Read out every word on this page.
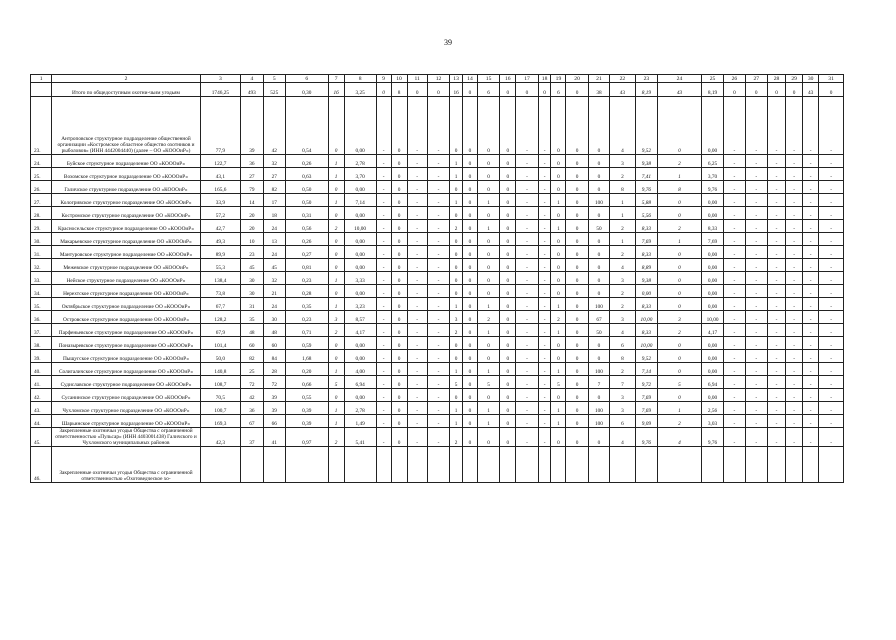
39
1	2	3	4	5	6	7	8	9	10	11	12	13	14	15	16	17	18	19	20	21	22	23	24	25	26	27	28	29	30	31
	Итого по общедоступным охотни-чьим угодьям	1746,25	493	525	0,30	16	3,25	0	8	0	0	16	0	6	0	0	0	6	0	38	43	8,19	43	8,19	0	0	0	0	43	0
23.	Антроповское структурное подразделение общественной организации «Костромское областное общество охотников и рыболовов» (ИНН 4442004440) (далее – ОО «КОООиР»)	77,9	39	42	0,54	0	0,00	-	0	-	-	0	0	0	0	-	-	0	0	0	4	9,52	0	0,00	-	-	-	-	-	-
24.	Буйское структурное подразделение ОО «КОООиР»	122,7	36	32	0,26	1	2,78	-	0	-	-	1	0	0	0	-	-	0	0	0	3	9,38	2	6,25	-	-	-	-	-	-
25.	Вохомское структурное подразделение ОО «КОООиР»	43,1	27	27	0,63	1	3,70	-	0	-	-	1	0	0	0	-	-	0	0	0	2	7,41	1	3,70	-	-	-	-	-	-
26.	Галичское структурное подразделение ОО «КОООиР»	165,6	79	82	0,50	0	0,00	-	0	-	-	0	0	0	0	-	-	0	0	0	8	9,76	8	9,76	-	-	-	-	-	-
27.	Кологривское структурное подразделение ОО «КОООиР»	33,9	14	17	0,50	1	7,14	-	0	-	-	1	0	1	0	-	-	1	0	100	1	5,88	0	0,00	-	-	-	-	-	-
28.	Костромское структурное подразделение ОО «КОООиР»	57,2	20	18	0,31	0	0,00	-	0	-	-	0	0	0	0	-	-	0	0	0	1	5,56	0	0,00	-	-	-	-	-	-
29.	Красносельское структурное подразделение ОО «КОООиР»	42,7	20	24	0,56	2	10,00	-	0	-	-	2	0	1	0	-	-	1	0	50	2	8,33	2	8,33	-	-	-	-	-	-
30.	Макарьевское структурное подразделение ОО «КОООиР»	49,3	10	13	0,26	0	0,00	-	0	-	-	0	0	0	0	-	-	0	0	0	1	7,69	1	7,69	-	-	-	-	-	-
31.	Мантуровское структурное подразделение ОО «КОООиР»	89,9	23	24	0,27	0	0,00	-	0	-	-	0	0	0	0	-	-	0	0	0	2	8,33	0	0,00	-	-	-	-	-	-
32.	Межевское структурное подразделение ОО «КОООиР»	55,3	45	45	0,81	0	0,00	-	0	-	-	0	0	0	0	-	-	0	0	0	4	8,89	0	0,00	-	-	-	-	-	-
33.	Нейское структурное подразделение ОО «КОООиР»	138,4	30	32	0,23	1	3,33	-	0	-	-	0	0	0	0	-	-	0	0	0	3	9,38	0	0,00	-	-	-	-	-	-
34.	Нерехтское структурное подразделение ОО «КОООиР»	73,8	30	21	0,28	0	0,00	-	0	-	-	0	0	0	0	-	-	0	0	0	2	0,00	0	0,00	-	-	-	-	-	-
35.	Октябрьское структурное подразделение ОО «КОООиР»	67,7	31	24	0,35	1	3,23	-	0	-	-	1	0	1	0	-	-	1	0	100	2	8,33	0	0,00	-	-	-	-	-	-
36.	Островское структурное подразделение ОО «КОООиР»	128,2	35	30	0,23	3	8,57	-	0	-	-	3	0	2	0	-	-	2	0	67	3	10,00	3	10,00	-	-	-	-	-	-
37.	Парфеньевское структурное подразделение ОО «КОООиР»	67,9	48	48	0,71	2	4,17	-	0	-	-	2	0	1	0	-	-	1	0	50	4	8,33	2	4,17	-	-	-	-	-	-
38.	Поназыревское структурное подразделение ОО «КОООиР»	101,4	60	60	0,59	0	0,00	-	0	-	-	0	0	0	0	-	-	0	0	0	6	10,00	0	0,00	-	-	-	-	-	-
39.	Пыщугское структурное подразделение ОО «КОООиР»	50,0	82	84	1,68	0	0,00	-	0	-	-	0	0	0	0	-	-	0	0	0	8	9,52	0	0,00	-	-	-	-	-	-
40.	Солигаличское структурное подразделение ОО «КОООиР»	140,8	25	28	0,20	1	4,00	-	0	-	-	1	0	1	0	-	-	1	0	100	2	7,14	0	0,00	-	-	-	-	-	-
41.	Судиславское структурное подразделение ОО «КОООиР»	108,7	72	72	0,66	5	6,94	-	0	-	-	5	0	5	0	-	-	5	0	7	7	9,72	5	6,94	-	-	-	-	-	-
42.	Сусанинское структурное подразделение ОО «КОООиР»	70,5	42	39	0,55	0	0,00	-	0	-	-	0	0	0	0	-	-	0	0	0	3	7,69	0	0,00	-	-	-	-	-	-
43.	Чухломское структурное подразделение ОО «КОООиР»	100,7	36	39	0,39	1	2,78	-	0	-	-	1	0	1	0	-	-	1	0	100	3	7,69	1	2,56	-	-	-	-	-	-
44.	Шарьинское структурное подразделение ОО «КОООиР»	169,3	67	66	0,39	1	1,49	-	0	-	-	1	0	1	0	-	-	1	0	100	6	9,09	2	3,03	-	-	-	-	-	-
45.	Закрепленные охотничьи угодья Общества с ограниченной ответственностью «Пульсар» (ИНН 4403001438) Галичского и Чухломского муниципальных районов	42,3	37	41	0,97	2	5,41	-	0	-	-	2	0	0	0	-	-	0	0	0	4	9,76	4	9,76	-	-	-	-	-	-
46.	Закрепленные охотничьи угодья Общества с ограниченной ответственностью «Охотоведческое хо-																													
